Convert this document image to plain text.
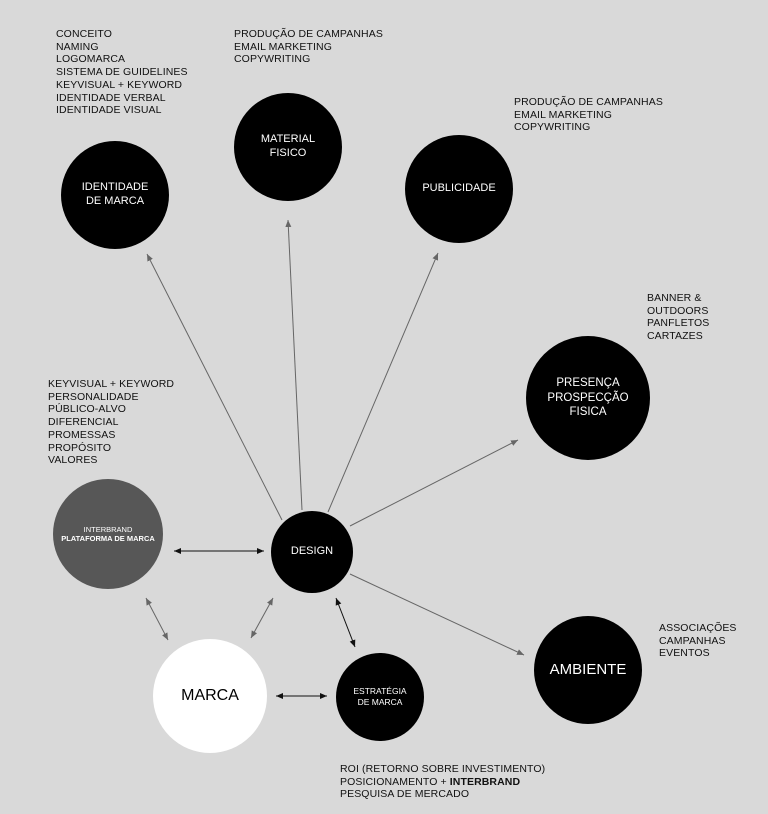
IDENTIDADE
DE MARCA
MATERIAL
FISICO
PUBLICIDADE
PRESENÇA
PROSPECÇÃO FISICA
AMBIENTE
DESIGN
INTERBRAND
PLATAFORMA DE MARCA
MARCA	ESTRATÉGIA
DE MARCA
CONCEITO
NAMING
LOGOMARCA
SISTEMA DE GUIDELINES
KEYVISUAL + KEYWORD
IDENTIDADE VERBAL
IDENTIDADE VISUAL
PRODUÇÃO DE CAMPANHAS
EMAIL MARKETING
COPYWRITING
PRODUÇÃO DE CAMPANHAS
EMAIL MARKETING
COPYWRITING
BANNER &
OUTDOORS
PANFLETOS
CARTAZES
KEYVISUAL + KEYWORD
PERSONALIDADE
PÚBLICO-ALVO
DIFERENCIAL
PROMESSAS
PROPÓSITO
VALORES
ASSOCIAÇÕES
CAMPANHAS
EVENTOS
ROI (RETORNO SOBRE INVESTIMENTO)
POSICIONAMENTO + INTERBRAND
PESQUISA DE MERCADO
